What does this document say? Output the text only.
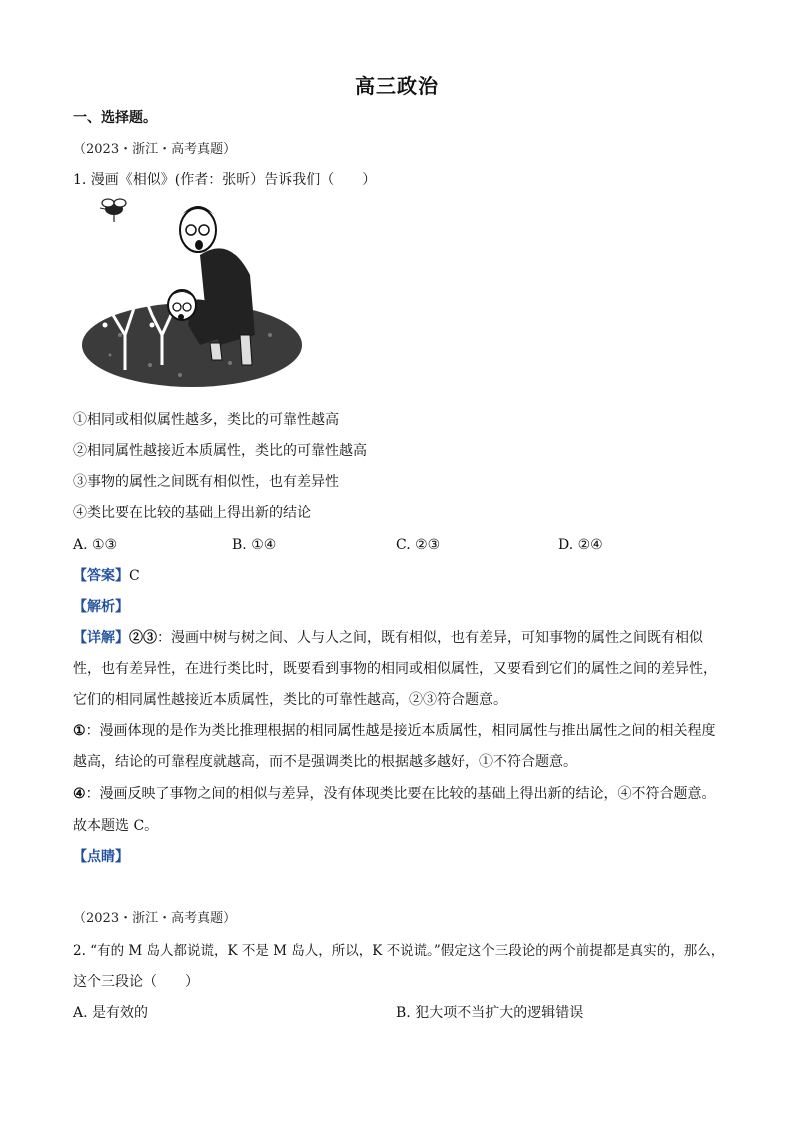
高三政治
一、选择题。
（2023・浙江・高考真题）
1. 漫画《相似》(作者：张昕）告诉我们（　　）
①相同或相似属性越多，类比的可靠性越高
②相同属性越接近本质属性，类比的可靠性越高
③事物的属性之间既有相似性，也有差异性
④类比要在比较的基础上得出新的结论
A. ①③	B. ①④	C. ②③	D. ②④
【答案】C
【解析】
【详解】②③：漫画中树与树之间、人与人之间，既有相似，也有差异，可知事物的属性之间既有相似性，也有差异性，在进行类比时，既要看到事物的相同或相似属性，又要看到它们的属性之间的差异性，它们的相同属性越接近本质属性，类比的可靠性越高，②③符合题意。
①：漫画体现的是作为类比推理根据的相同属性越是接近本质属性，相同属性与推出属性之间的相关程度越高，结论的可靠程度就越高，而不是强调类比的根据越多越好，①不符合题意。
④：漫画反映了事物之间的相似与差异，没有体现类比要在比较的基础上得出新的结论，④不符合题意。
故本题选 C。
【点睛】
（2023・浙江・高考真题）
2. “有的 M 岛人都说谎，K 不是 M 岛人，所以，K 不说谎。”假定这个三段论的两个前提都是真实的，那么，
这个三段论（　　）
A. 是有效的	B. 犯大项不当扩大的逻辑错误
